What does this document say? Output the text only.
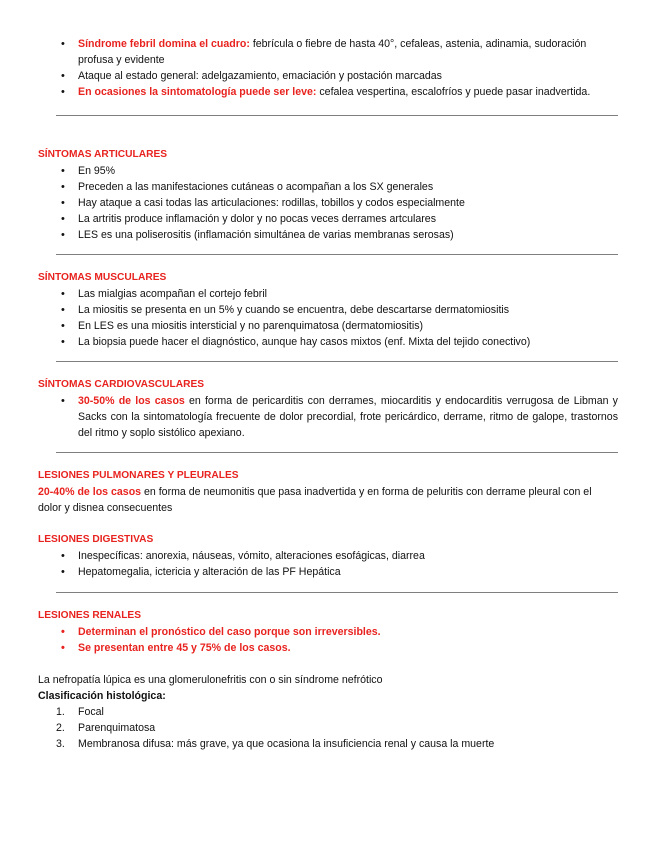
• Síndrome febril domina el cuadro: febrícula o fiebre de hasta 40°, cefaleas, astenia, adinamia, sudoración profusa y evidente
• Ataque al estado general: adelgazamiento, emaciación y postación marcadas
• En ocasiones la sintomatología puede ser leve: cefalea vespertina, escalofríos y puede pasar inadvertida.
SÍNTOMAS ARTICULARES
• En 95%
• Preceden a las manifestaciones cutáneas o acompañan a los SX generales
• Hay ataque a casi todas las articulaciones: rodillas, tobillos y codos especialmente
• La artritis produce inflamación y dolor y no pocas veces derrames artculares
• LES es una poliserositis (inflamación simultánea de varias membranas serosas)
SÍNTOMAS MUSCULARES
• Las mialgias acompañan el cortejo febril
• La miositis se presenta en un 5% y cuando se encuentra, debe descartarse dermatomiositis
• En LES es una miositis intersticial y no parenquimatosa (dermatomiositis)
• La biopsia puede hacer el diagnóstico, aunque hay casos mixtos (enf. Mixta del tejido conectivo)
SÍNTOMAS CARDIOVASCULARES
• 30-50% de los casos en forma de pericarditis con derrames, miocarditis y endocarditis verrugosa de Libman y Sacks con la sintomatología frecuente de dolor precordial, frote pericárdico, derrame, ritmo de galope, trastornos del ritmo y soplo sistólico apexiano.
LESIONES PULMONARES Y PLEURALES

20-40% de los casos en forma de neumonitis que pasa inadvertida y en forma de peluritis con derrame pleural con el dolor y disnea consecuentes

LESIONES DIGESTIVAS
• Inespecíficas: anorexia, náuseas, vómito, alteraciones esofágicas, diarrea
• Hepatomegalia, ictericia y alteración de las PF Hepática
LESIONES RENALES
• Determinan el pronóstico del caso porque son irreversibles.
• Se presentan entre 45 y 75% de los casos.

La nefropatía lúpica es una glomerulonefritis con o sin síndrome nefrótico

Clasificación histológica:

1. Focal
2. Parenquimatosa
3. Membranosa difusa: más grave, ya que ocasiona la insuficiencia renal y causa la muerte
